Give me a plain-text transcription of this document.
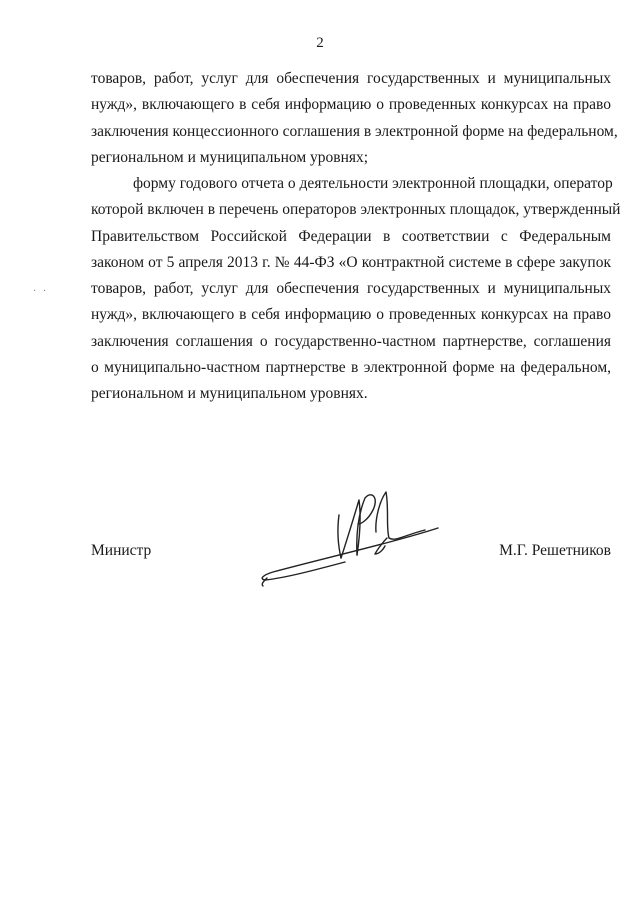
2
· ·
товаров, работ, услуг для обеспечения государственных и муниципальных
нужд», включающего в себя информацию о проведенных конкурсах на право
заключения концессионного соглашения в электронной форме на федеральном,
региональном и муниципальном уровнях;
форму годового отчета о деятельности электронной площадки, оператор
которой включен в перечень операторов электронных площадок, утвержденный
Правительством Российской Федерации в соответствии с Федеральным
законом от 5 апреля 2013 г. № 44-ФЗ «О контрактной системе в сфере закупок
товаров, работ, услуг для обеспечения государственных и муниципальных
нужд», включающего в себя информацию о проведенных конкурсах на право
заключения соглашения о государственно-частном партнерстве, соглашения
о муниципально-частном партнерстве в электронной форме на федеральном,
региональном и муниципальном уровнях.
Министр	М.Г. Решетников
